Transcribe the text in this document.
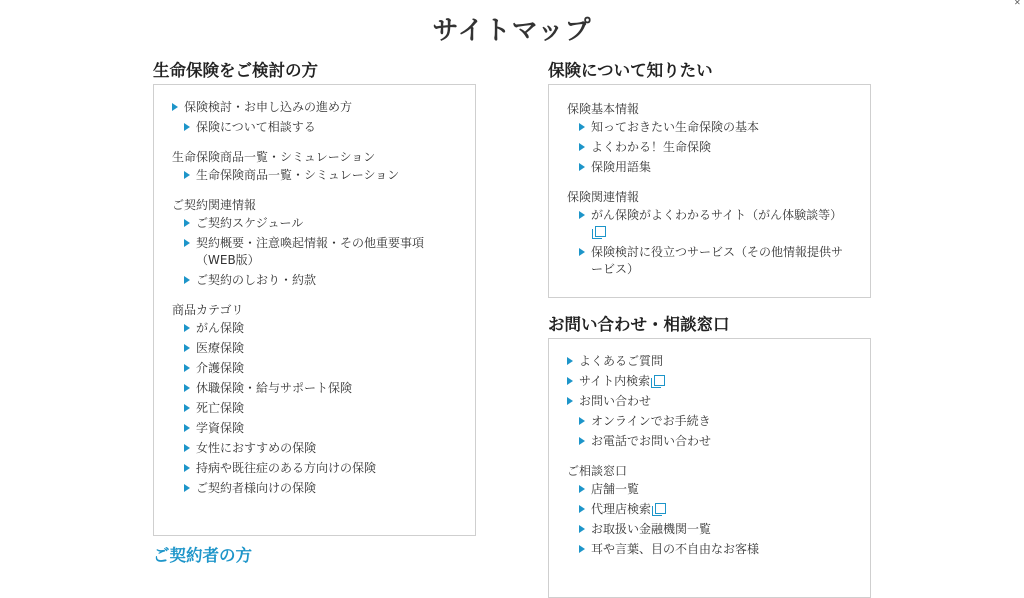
サイトマップ
✕
生命保険をご検討の方
保険検討・お申し込みの進め方
保険について相談する
生命保険商品一覧・シミュレーション
生命保険商品一覧・シミュレーション
ご契約関連情報
ご契約スケジュール
契約概要・注意喚起情報・その他重要事項（WEB版）
ご契約のしおり・約款
商品カテゴリ
がん保険
医療保険
介護保険
休職保険・給与サポート保険
死亡保険
学資保険
女性におすすめの保険
持病や既往症のある方向けの保険
ご契約者様向けの保険
保険について知りたい
保険基本情報
知っておきたい生命保険の基本
よくわかる！生命保険
保険用語集
保険関連情報
がん保険がよくわかるサイト（がん体験談等）
保険検討に役立つサービス（その他情報提供サービス）
お問い合わせ・相談窓口
よくあるご質問
サイト内検索
お問い合わせ
オンラインでお手続き
お電話でお問い合わせ
ご相談窓口
店舗一覧
代理店検索
お取扱い金融機関一覧
耳や言葉、目の不自由なお客様
ご契約者の方
